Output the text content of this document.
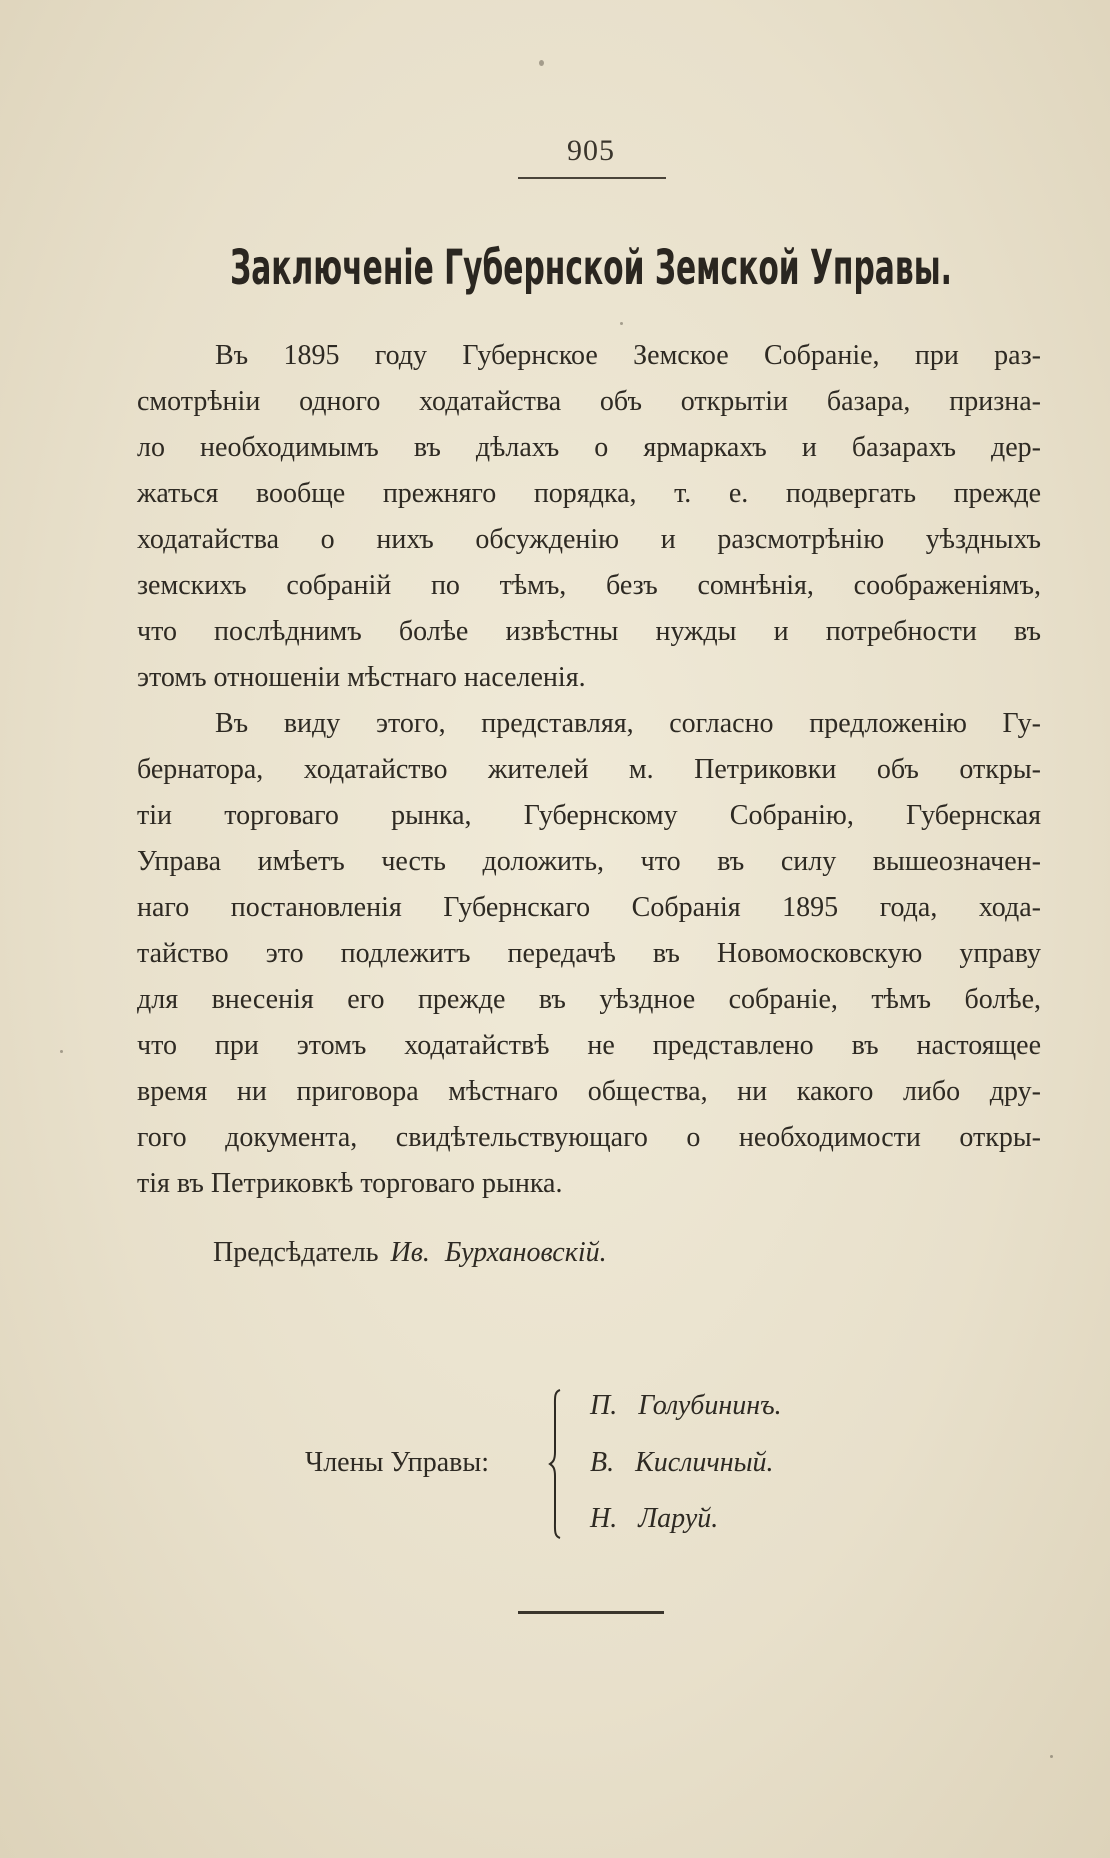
905
Заключеніе Губернской Земской Управы.
Въ 1895 году Губернское Земское Собраніе, при раз-
смотрѣніи одного ходатайства объ открытіи базара, призна-
ло необходимымъ въ дѣлахъ о ярмаркахъ и базарахъ дер-
жаться вообще прежняго порядка, т. е. подвергать прежде
ходатайства о нихъ обсужденію и разсмотрѣнію уѣздныхъ
земскихъ собраній по тѣмъ, безъ сомнѣнія, соображеніямъ,
что послѣднимъ болѣе извѣстны нужды и потребности въ
этомъ отношеніи мѣстнаго населенія.
Въ виду этого, представляя, согласно предложенію Гу-
бернатора, ходатайство жителей м. Петриковки объ откры-
тіи торговаго рынка, Губернскому Собранію, Губернская
Управа имѣетъ честь доложить, что въ силу вышеозначен-
наго постановленія Губернскаго Собранія 1895 года, хода-
тайство это подлежитъ передачѣ въ Новомосковскую управу
для внесенія его прежде въ уѣздное собраніе, тѣмъ болѣе,
что при этомъ ходатайствѣ не представлено въ настоящее
время ни приговора мѣстнаго общества, ни какого либо дру-
гого документа, свидѣтельствующаго о необходимости откры-
тія въ Петриковкѣ торговаго рынка.
Предсѣдатель Ив. Бурхановскій.
Члены Управы:
П. Голубининъ.
В. Кисличный.
Н. Ларуй.
